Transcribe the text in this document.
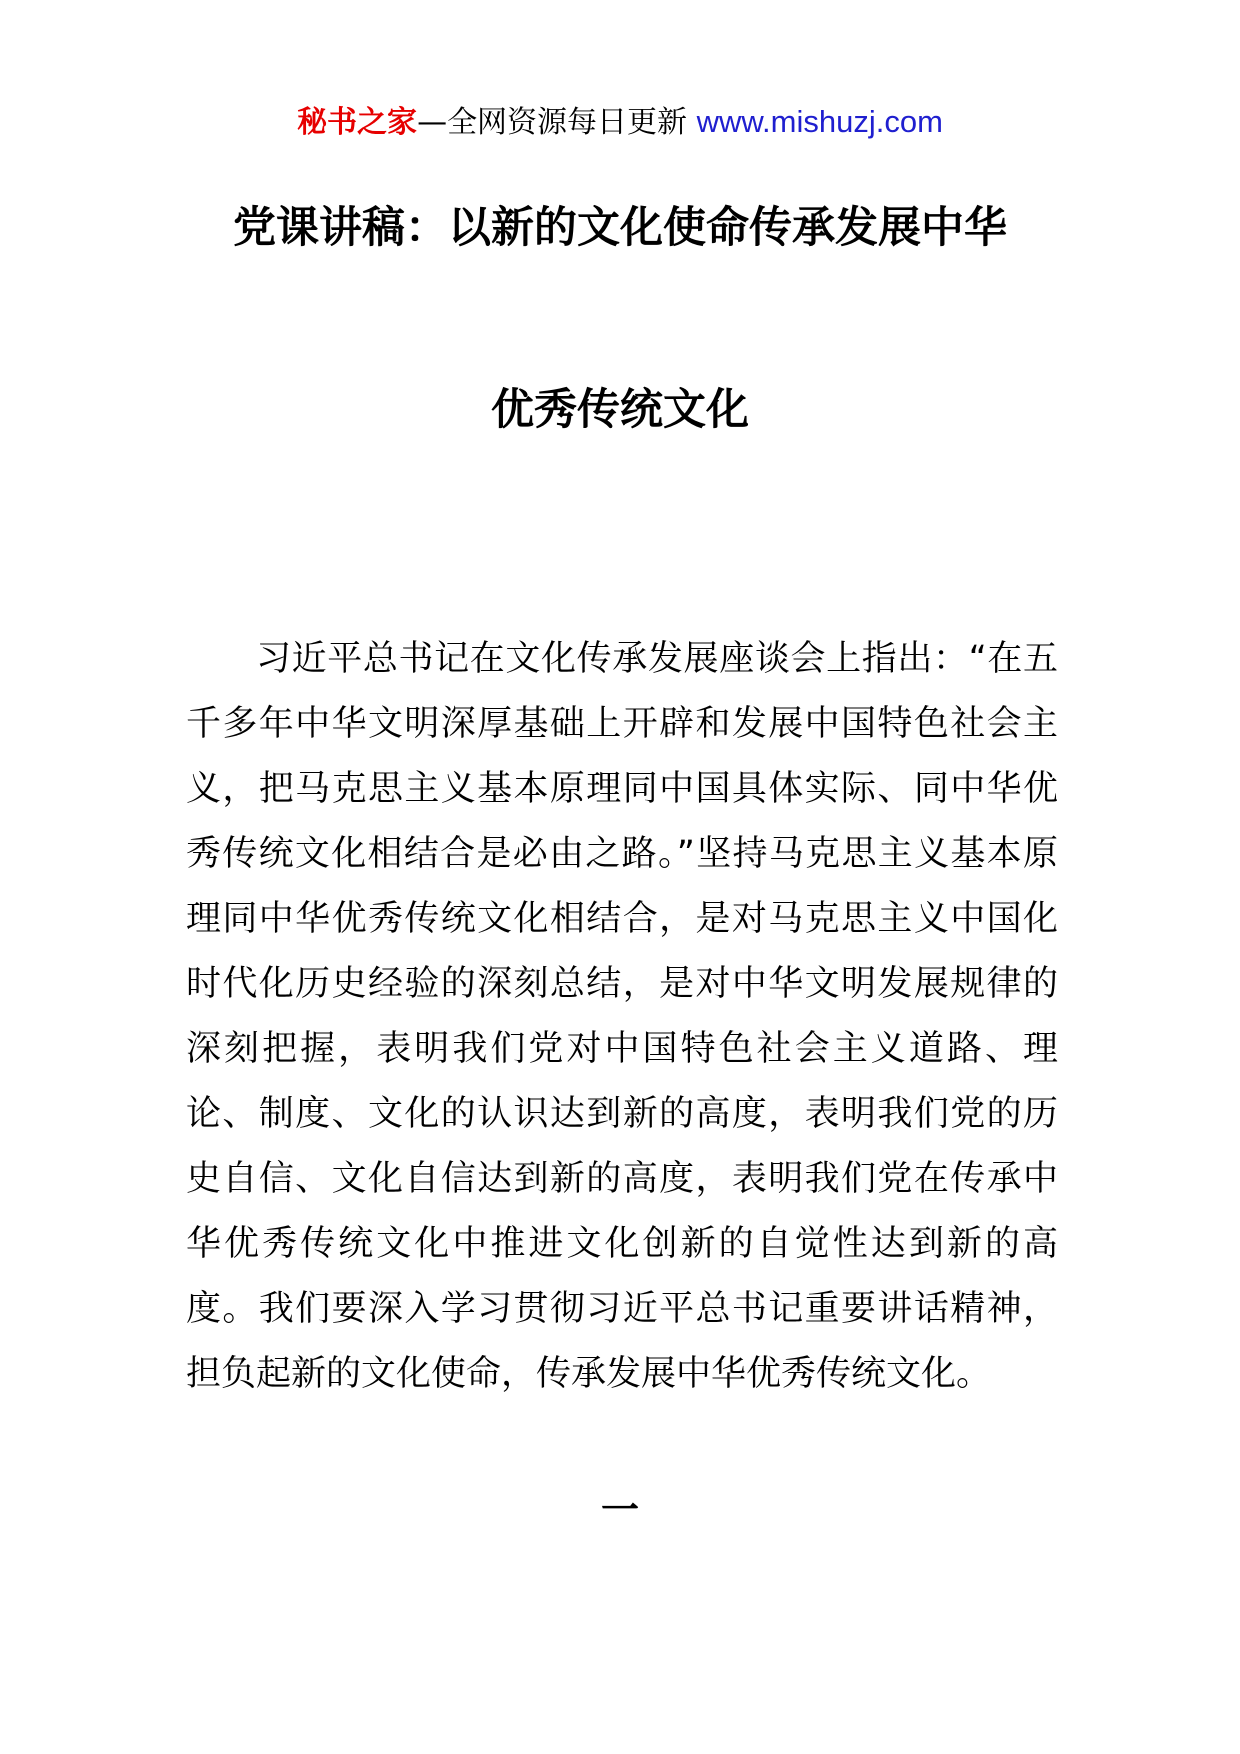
秘书之家—全网资源每日更新 www.mishuzj.com
党课讲稿：以新的文化使命传承发展中华
优秀传统文化

习近平总书记在文化传承发展座谈会上指出：“在五千多年中华文明深厚基础上开辟和发展中国特色社会主义，把马克思主义基本原理同中国具体实际、同中华优秀传统文化相结合是必由之路。”坚持马克思主义基本原理同中华优秀传统文化相结合，是对马克思主义中国化时代化历史经验的深刻总结，是对中华文明发展规律的深刻把握，表明我们党对中国特色社会主义道路、理论、制度、文化的认识达到新的高度，表明我们党的历史自信、文化自信达到新的高度，表明我们党在传承中华优秀传统文化中推进文化创新的自觉性达到新的高度。我们要深入学习贯彻习近平总书记重要讲话精神，担负起新的文化使命，传承发展中华优秀传统文化。

一
